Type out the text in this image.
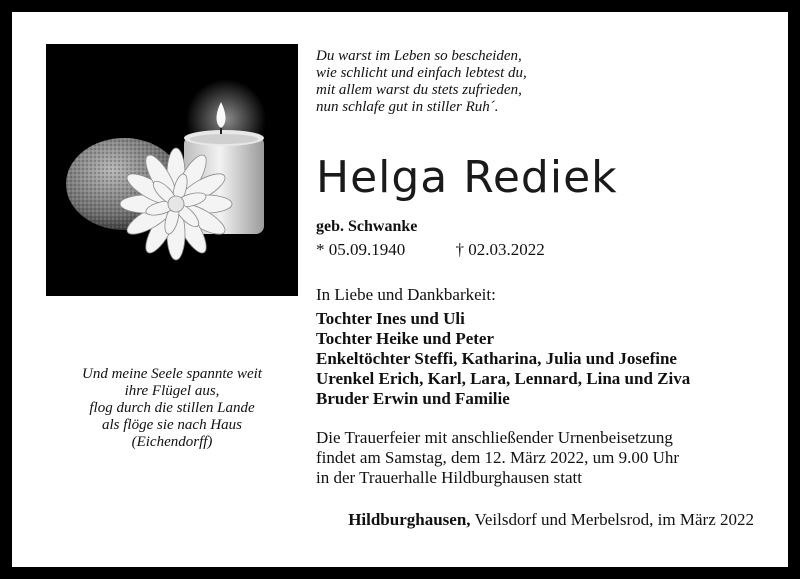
Du warst im Leben so bescheiden,
wie schlicht und einfach lebtest du,
mit allem warst du stets zufrieden,
nun schlafe gut in stiller Ruh´.
Helga Rediek
geb. Schwanke
* 05.09.1940	† 02.03.2022
In Liebe und Dankbarkeit:
Tochter Ines und Uli
Tochter Heike und Peter
Enkeltöchter Steffi, Katharina, Julia und Josefine
Urenkel Erich, Karl, Lara, Lennard, Lina und Ziva
Bruder Erwin und Familie
Die Trauerfeier mit anschließender Urnenbeisetzung
findet am Samstag, dem 12. März 2022, um 9.00 Uhr
in der Trauerhalle Hildburghausen statt
Hildburghausen, Veilsdorf und Merbelsrod, im März 2022
Und meine Seele spannte weit
ihre Flügel aus,
flog durch die stillen Lande
als flöge sie nach Haus
(Eichendorff)
